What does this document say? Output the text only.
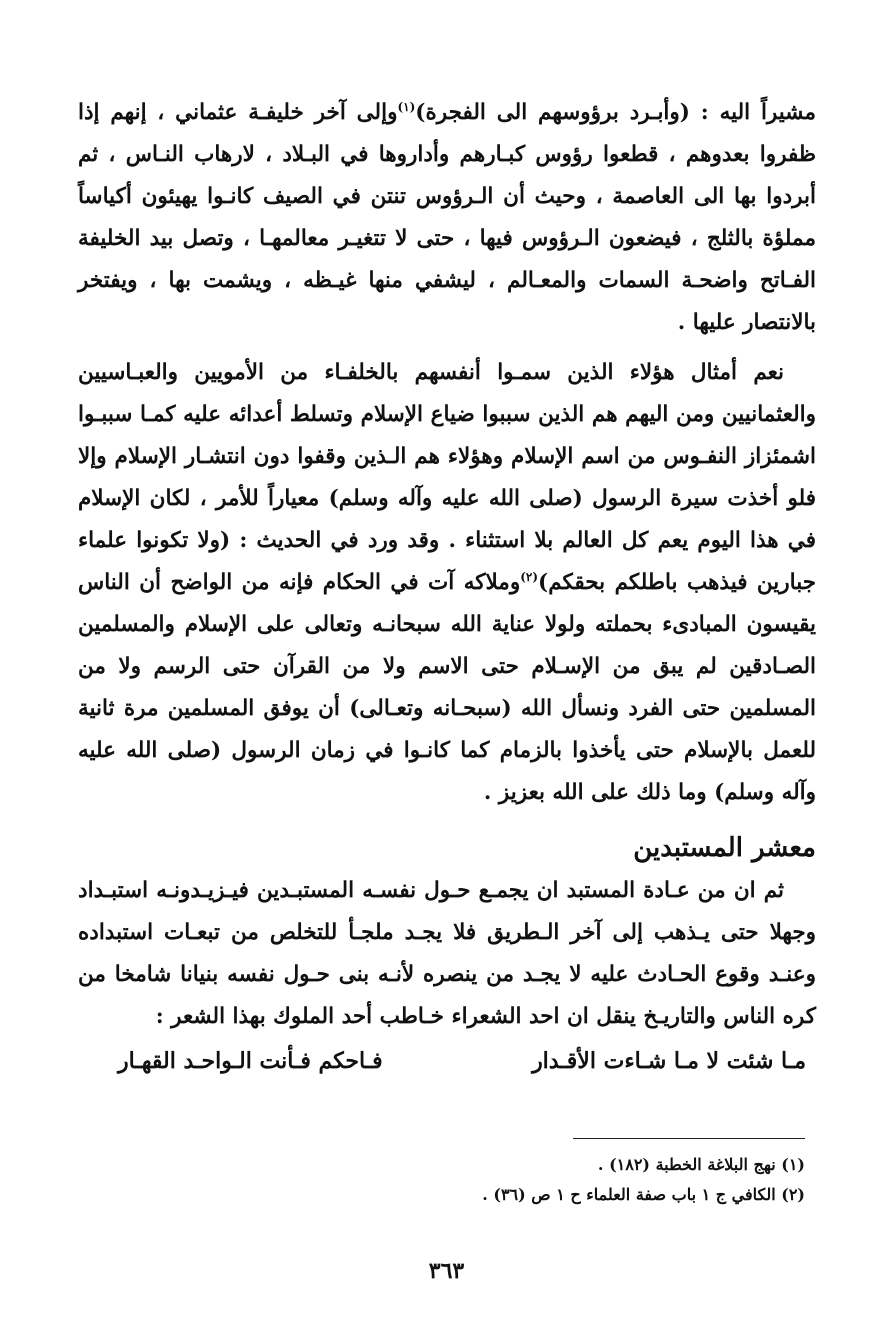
مشيراً اليه : (وأبـرد برؤوسهم الى الفجرة)$^{(١)}$وإلى آخر خليفـة عثماني ، إنهم إذا ظفروا بعدوهم ، قطعوا رؤوس كبـارهم وأداروها في البـلاد ، لارهاب النـاس ، ثم أبردوا بها الى العاصمة ، وحيث أن الـرؤوس تنتن في الصيف كانـوا يهيئون أكياساً مملؤة بالثلج ، فيضعون الـرؤوس فيها ، حتى لا تتغيـر معالمهـا ، وتصل بيد الخليفة الفـاتح واضحـة السمات والمعـالم ، ليشفي منها غيـظه ، ويشمت بها ، ويفتخر بالانتصار عليها .

نعم أمثال هؤلاء الذين سمـوا أنفسهم بالخلفـاء من الأمويين والعبـاسيين والعثمانيين ومن اليهم هم الذين سببوا ضياع الإسلام وتسلط أعدائه عليه كمـا سببـوا اشمئزاز النفـوس من اسم الإسلام وهؤلاء هم الـذين وقفوا دون انتشـار الإسلام وإلا فلو أخذت سيرة الرسول (صلى الله عليه وآله وسلم) معياراً للأمر ، لكان الإسلام في هذا اليوم يعم كل العالم بلا استثناء . وقد ورد في الحديث : (ولا تكونوا علماء جبارين فيذهب باطلكم بحقكم)$^{(٢)}$وملاكه آت في الحكام فإنه من الواضح أن الناس يقيسون المبادىء بحملته ولولا عناية الله سبحانـه وتعالى على الإسلام والمسلمين الصـادقين لم يبق من الإسـلام حتى الاسم ولا من القرآن حتى الرسم ولا من المسلمين حتى الفرد ونسأل الله (سبحـانه وتعـالى) أن يوفق المسلمين مرة ثانية للعمل بالإسلام حتى يأخذوا بالزمام كما كانـوا في زمان الرسول (صلى الله عليه وآله وسلم) وما ذلك على الله بعزيز .

معشر المستبدين

ثم ان من عـادة المستبد ان يجمـع حـول نفسـه المستبـدين فيـزيـدونـه استبـداد وجهلا حتى يـذهب إلى آخر الـطريق فلا يجـد ملجـأ للتخلص من تبعـات استبداده وعنـد وقوع الحـادث عليه لا يجـد من ينصره لأنـه بنى حـول نفسه بنيانا شامخا من كره الناس والتاريـخ ينقل ان احد الشعراء خـاطب أحد الملوك بهذا الشعر :

مـا شئت لا مـا شـاءت الأقـدار
فـاحكم فـأنت الـواحـد القهـار
(١) نهج البلاغة الخطبة (١٨٢) .
(٢) الكافي ج ١ باب صفة العلماء ح ١ ص (٣٦) .
٣٦٣
